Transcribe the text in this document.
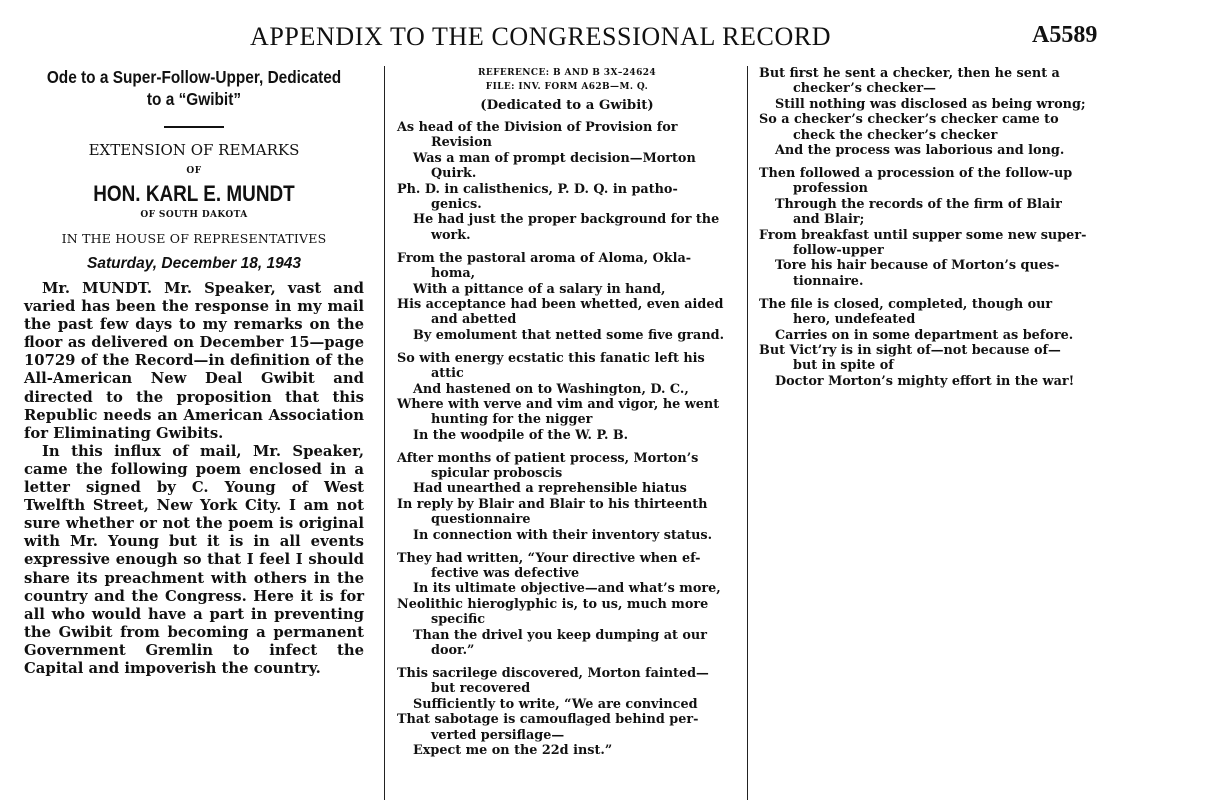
APPENDIX TO THE CONGRESSIONAL RECORD	A5589
Ode to a Super-Follow-Upper, Dedicated
to a “Gwibit”
EXTENSION OF REMARKS
OF
HON. KARL E. MUNDT
OF SOUTH DAKOTA
IN THE HOUSE OF REPRESENTATIVES
Saturday, December 18, 1943

Mr. MUNDT. Mr. Speaker, vast and varied has been the response in my mail the past few days to my remarks on the floor as delivered on December 15—page 10729 of the Record—in definition of the All-American New Deal Gwibit and directed to the proposition that this Republic needs an American Association for Eliminating Gwibits.

In this influx of mail, Mr. Speaker, came the following poem enclosed in a letter signed by C. Young of West Twelfth Street, New York City. I am not sure whether or not the poem is original with Mr. Young but it is in all events expressive enough so that I feel I should share its preachment with others in the country and the Congress. Here it is for all who would have a part in preventing the Gwibit from becoming a permanent Government Gremlin to infect the Capital and impoverish the country.

REFERENCE: B AND B 3X–24624
FILE: INV. FORM A62B—M. Q.
(Dedicated to a Gwibit)
As head of the Division of Provision for
Revision
Was a man of prompt decision—Morton
Quirk.
Ph. D. in calisthenics, P. D. Q. in patho-
genics.
He had just the proper background for the
work.
From the pastoral aroma of Aloma, Okla-
homa,
With a pittance of a salary in hand,
His acceptance had been whetted, even aided
and abetted
By emolument that netted some five grand.
So with energy ecstatic this fanatic left his
attic
And hastened on to Washington, D. C.,
Where with verve and vim and vigor, he went
hunting for the nigger
In the woodpile of the W. P. B.
After months of patient process, Morton’s
spicular proboscis
Had unearthed a reprehensible hiatus
In reply by Blair and Blair to his thirteenth
questionnaire
In connection with their inventory status.
They had written, “Your directive when ef-
fective was defective
In its ultimate objective—and what’s more,
Neolithic hieroglyphic is, to us, much more
specific
Than the drivel you keep dumping at our
door.”
This sacrilege discovered, Morton fainted—
but recovered
Sufficiently to write, “We are convinced
That sabotage is camouflaged behind per-
verted persiflage—
Expect me on the 22d inst.”
But first he sent a checker, then he sent a
checker’s checker—
Still nothing was disclosed as being wrong;
So a checker’s checker’s checker came to
check the checker’s checker
And the process was laborious and long.
Then followed a procession of the follow-up
profession
Through the records of the firm of Blair
and Blair;
From breakfast until supper some new super-
follow-upper
Tore his hair because of Morton’s ques-
tionnaire.
The file is closed, completed, though our
hero, undefeated
Carries on in some department as before.
But Vict’ry is in sight of—not because of—
but in spite of
Doctor Morton’s mighty effort in the war!
